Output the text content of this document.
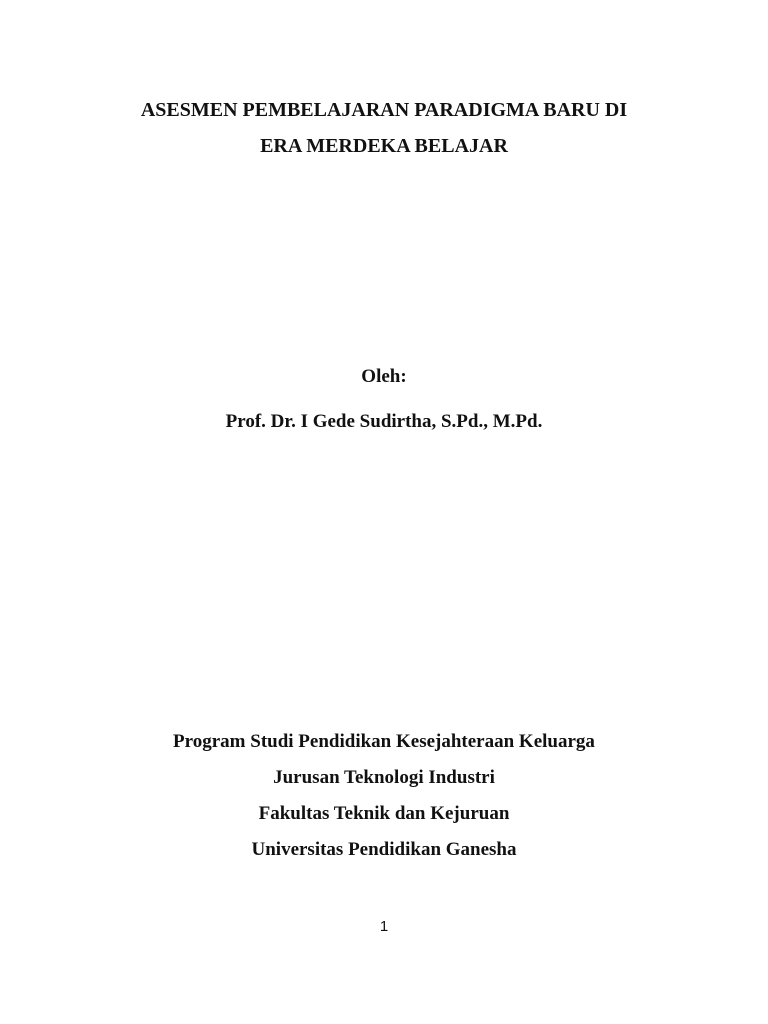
ASESMEN PEMBELAJARAN PARADIGMA BARU DI
ERA MERDEKA BELAJAR
Oleh:
Prof. Dr. I Gede Sudirtha, S.Pd., M.Pd.
Program Studi Pendidikan Kesejahteraan Keluarga
Jurusan Teknologi Industri
Fakultas Teknik dan Kejuruan
Universitas Pendidikan Ganesha
1
